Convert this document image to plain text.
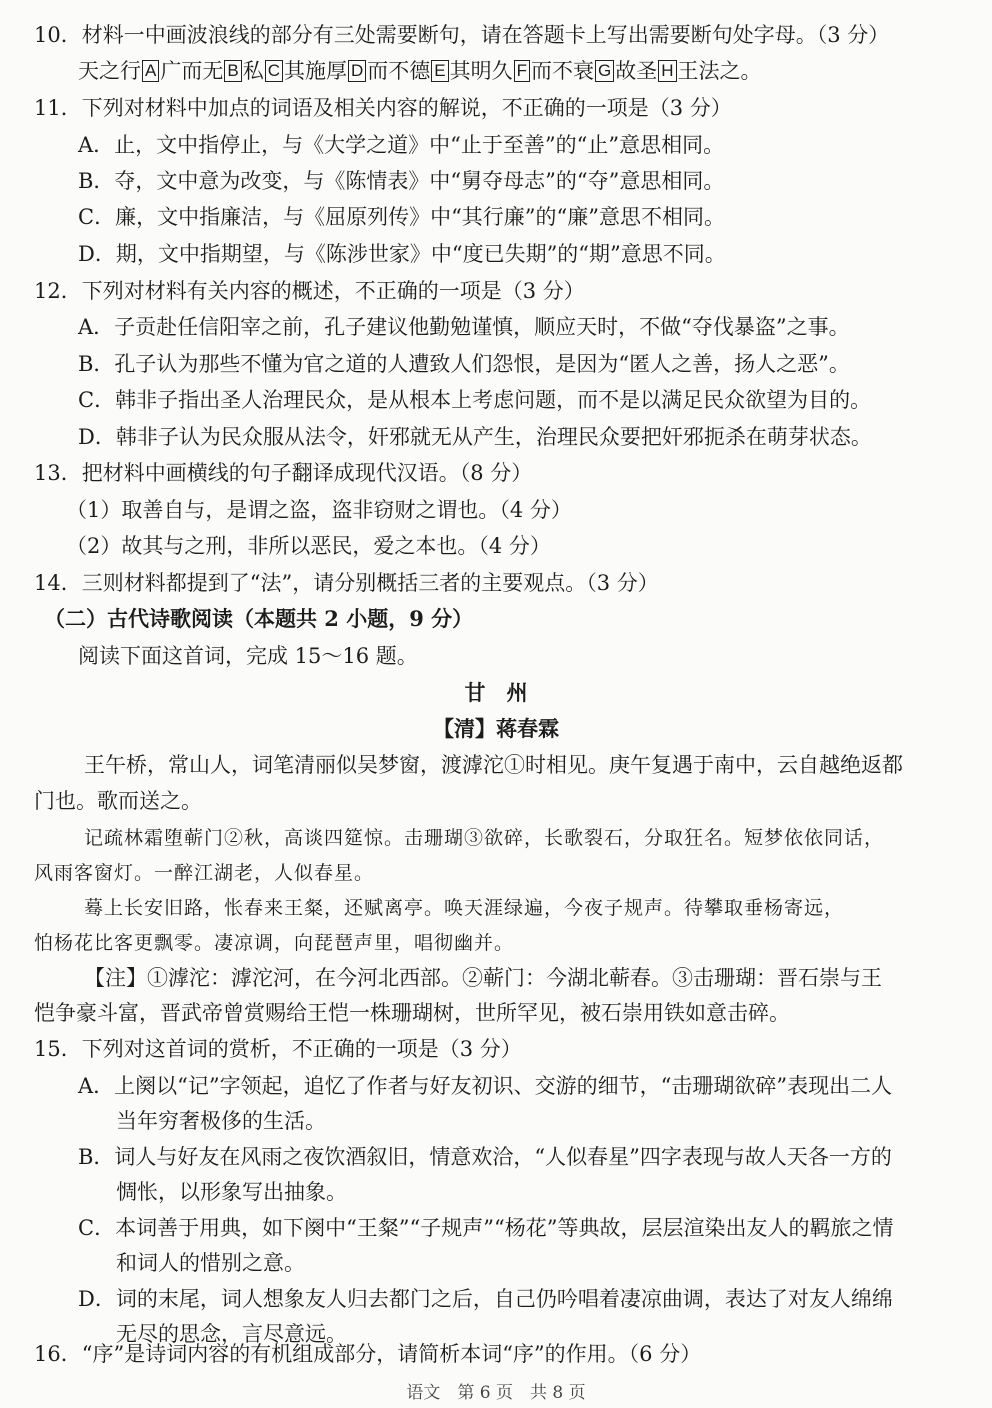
10．材料一中画波浪线的部分有三处需要断句，请在答题卡上写出需要断句处字母。（3 分）
天之行 A 广而无 B 私 C 其施厚 D 而不德 E 其明久 F 而不衰 G 故圣 H 王法之。
11．下列对材料中加点的词语及相关内容的解说，不正确的一项是（3 分）
A．止，文中指停止，与《大学之道》中“止于至善”的“止”意思相同。
B．夺，文中意为改变，与《陈情表》中“舅夺母志”的“夺”意思相同。
C．廉，文中指廉洁，与《屈原列传》中“其行廉”的“廉”意思不相同。
D．期，文中指期望，与《陈涉世家》中“度已失期”的“期”意思不同。
12．下列对材料有关内容的概述，不正确的一项是（3 分）
A．子贡赴任信阳宰之前，孔子建议他勤勉谨慎，顺应天时，不做“夺伐暴盗”之事。
B．孔子认为那些不懂为官之道的人遭致人们怨恨，是因为“匿人之善，扬人之恶”。
C．韩非子指出圣人治理民众，是从根本上考虑问题，而不是以满足民众欲望为目的。
D．韩非子认为民众服从法令，奸邪就无从产生，治理民众要把奸邪扼杀在萌芽状态。
13．把材料中画横线的句子翻译成现代汉语。（8 分）
（1）取善自与，是谓之盗，盗非窃财之谓也。（4 分）
（2）故其与之刑，非所以恶民，爱之本也。（4 分）
14．三则材料都提到了“法”，请分别概括三者的主要观点。（3 分）
（二）古代诗歌阅读（本题共 2 小题，9 分）
阅读下面这首词，完成 15～16 题。
甘　州
【清】蒋春霖
王午桥，常山人，词笔清丽似吴梦窗，渡滹沱①时相见。庚午复遇于南中，云自越绝返都
门也。歌而送之。
记疏林霜堕蕲门②秋，高谈四筵惊。击珊瑚③欲碎，长歌裂石，分取狂名。短梦依依同话，
风雨客窗灯。一醉江湖老，人似春星。
蓦上长安旧路，怅春来王粲，还赋离亭。唤天涯绿遍，今夜子规声。待攀取垂杨寄远，
怕杨花比客更飘零。凄凉调，向琵琶声里，唱彻幽并。
【注】①滹沱：滹沱河，在今河北西部。②蕲门：今湖北蕲春。③击珊瑚：晋石崇与王
恺争豪斗富，晋武帝曾赏赐给王恺一株珊瑚树，世所罕见，被石崇用铁如意击碎。
15．下列对这首词的赏析，不正确的一项是（3 分）
A．上阕以“记”字领起，追忆了作者与好友初识、交游的细节，“击珊瑚欲碎”表现出二人
当年穷奢极侈的生活。
B．词人与好友在风雨之夜饮酒叙旧，情意欢洽，“人似春星”四字表现与故人天各一方的
惆怅，以形象写出抽象。
C．本词善于用典，如下阕中“王粲”“子规声”“杨花”等典故，层层渲染出友人的羁旅之情
和词人的惜别之意。
D．词的末尾，词人想象友人归去都门之后，自己仍吟唱着凄凉曲调，表达了对友人绵绵
无尽的思念，言尽意远。
16．“序”是诗词内容的有机组成部分，请简析本词“序”的作用。（6 分）
语文　第 6 页　共 8 页
